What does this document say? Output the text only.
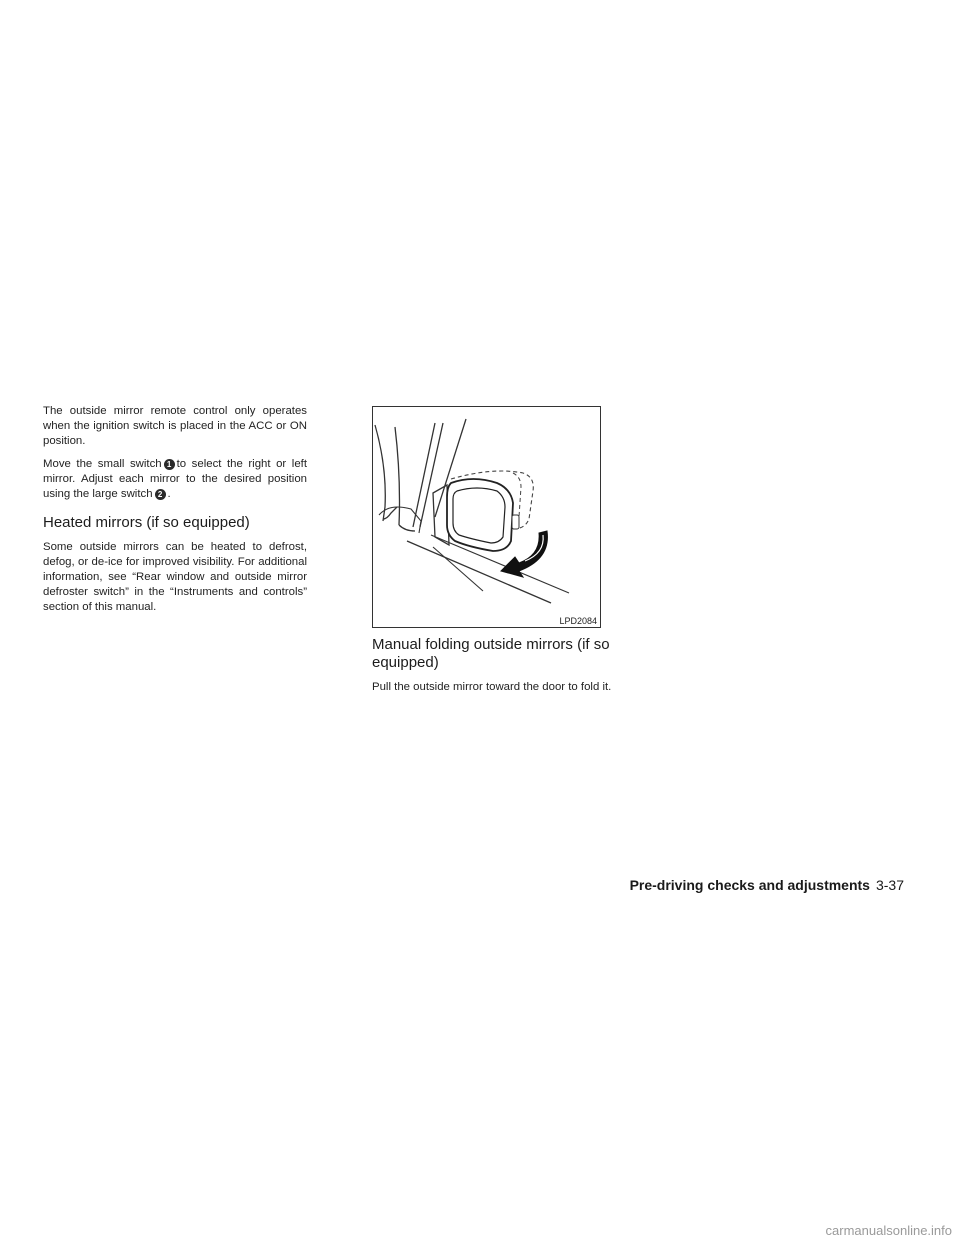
The outside mirror remote control only operates when the ignition switch is placed in the ACC or ON position.

Move the small switch 1 to select the right or left mirror. Adjust each mirror to the desired position using the large switch 2 .

Heated mirrors (if so equipped)

Some outside mirrors can be heated to defrost, defog, or de-ice for improved visibility. For additional information, see “Rear window and outside mirror defroster switch” in the “Instruments and controls” section of this manual.

LPD2084
Manual folding outside mirrors (if so equipped)

Pull the outside mirror toward the door to fold it.

Pre-driving checks and adjustments 3-37
carmanualsonline.info
